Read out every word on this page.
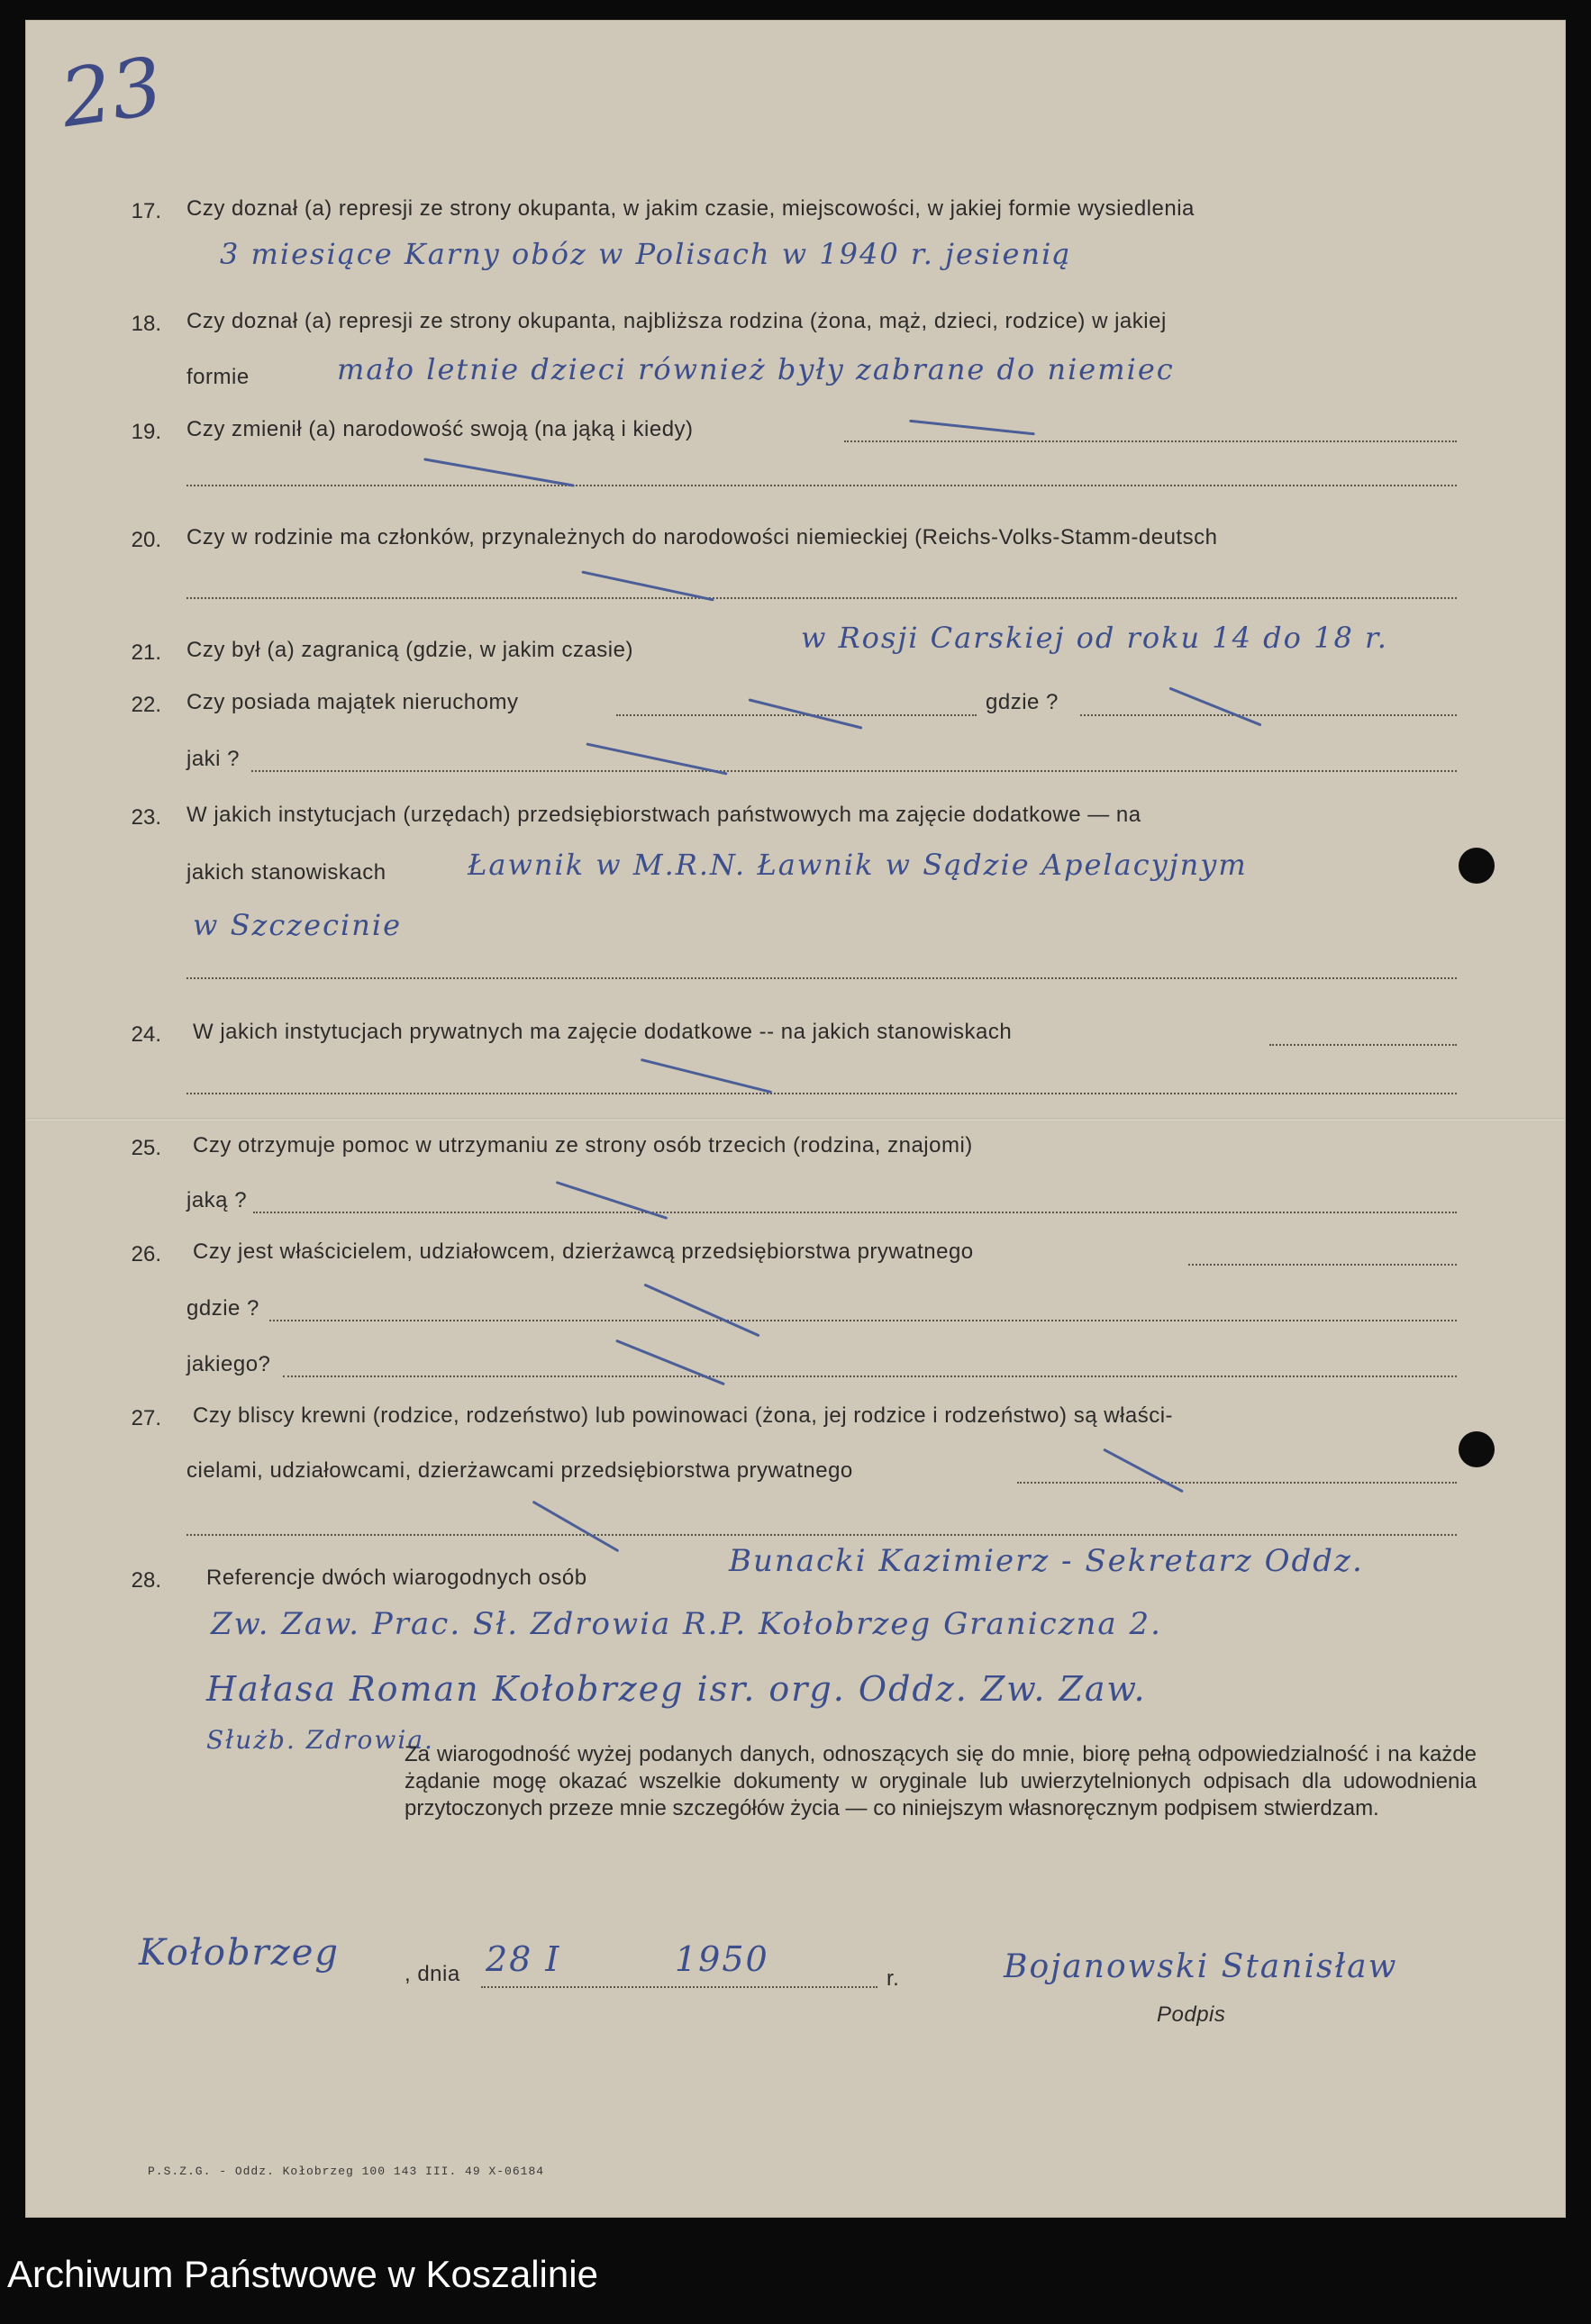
23
17. Czy doznał (a) represji ze strony okupanta, w jakim czasie, miejscowości, w jakiej formie wysiedlenia
3 miesiące Karny obóz w Polisach w 1940 r. jesienią
18. Czy doznał (a) represji ze strony okupanta, najbliższa rodzina (żona, mąż, dzieci, rodzice) w jakiej
formie	mało letnie dzieci również były zabrane do niemiec
19. Czy zmienił (a) narodowość swoją (na jąką i kiedy)
20. Czy w rodzinie ma członków, przynależnych do narodowości niemieckiej (Reichs-Volks-Stamm-deutsch
21. Czy był (a) zagranicą (gdzie, w jakim czasie)	w Rosji Carskiej od roku 14 do 18 r.
22. Czy posiada majątek nieruchomy	gdzie ?
jaki ?
23. W jakich instytucjach (urzędach) przedsiębiorstwach państwowych ma zajęcie dodatkowe — na
jakich stanowiskach	Ławnik w M.R.N. Ławnik w Sądzie Apelacyjnym
w Szczecinie
24. W jakich instytucjach prywatnych ma zajęcie dodatkowe -- na jakich stanowiskach
25. Czy otrzymuje pomoc w utrzymaniu ze strony osób trzecich (rodzina, znajomi)
jaką ?
26. Czy jest właścicielem, udziałowcem, dzierżawcą przedsiębiorstwa prywatnego
gdzie ?
jakiego?
27. Czy bliscy krewni (rodzice, rodzeństwo) lub powinowaci (żona, jej rodzice i rodzeństwo) są właści-
cielami, udziałowcami, dzierżawcami przedsiębiorstwa prywatnego
28. Referencje dwóch wiarogodnych osób	Bunacki Kazimierz - Sekretarz Oddz.
Zw. Zaw. Prac. Sł. Zdrowia R.P. Kołobrzeg Graniczna 2.
Hałasa Roman Kołobrzeg isr. org. Oddz. Zw. Zaw.
Służb. Zdrowia.
Za wiarogodność wyżej podanych danych, odnoszących się do mnie, biorę pełną odpowiedzialność i na każde żądanie mogę okazać wszelkie dokumenty w oryginale lub uwierzytelnionych odpisach dla udowodnienia przytoczonych przeze mnie szczegółów życia — co niniejszym własnoręcznym podpisem stwierdzam.
Kołobrzeg
, dnia 28 I	1950	r.	Bojanowski Stanisław
Podpis
P.S.Z.G. - Oddz. Kołobrzeg 100 143 III. 49 X-06184
Archiwum Państwowe w Koszalinie
